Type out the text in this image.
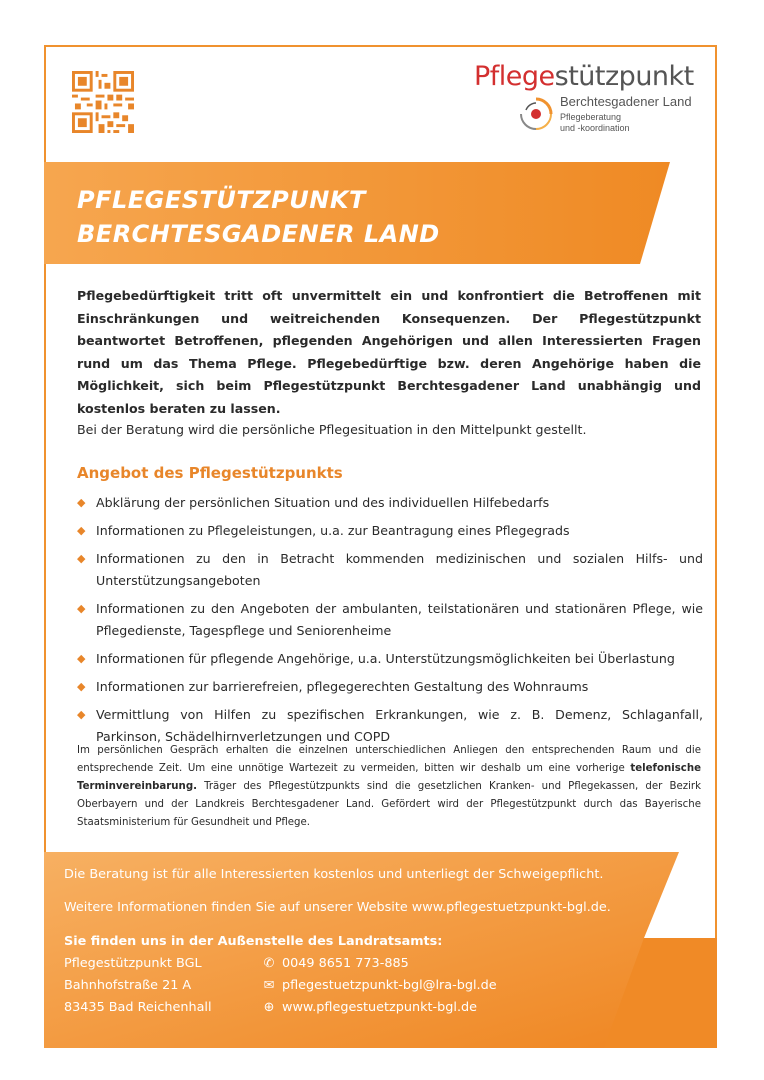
Pflegestützpunkt
Berchtesgadener Land
Pflegeberatung
und -koordination
PFLEGESTÜTZPUNKT
BERCHTESGADENER LAND
Pflegebedürftigkeit tritt oft unvermittelt ein und konfrontiert die Betroffenen mit Einschränkungen und weitreichenden Konsequenzen. Der Pflegestützpunkt beantwortet Betroffenen, pflegenden Angehörigen und allen Interessierten Fragen rund um das Thema Pflege. Pflegebedürftige bzw. deren Angehörige haben die Möglichkeit, sich beim Pflegestützpunkt Berchtesgadener Land unabhängig und kostenlos beraten zu lassen.
Bei der Beratung wird die persönliche Pflegesituation in den Mittelpunkt gestellt.
Angebot des Pflegestützpunkts
◆ Abklärung der persönlichen Situation und des individuellen Hilfebedarfs
◆ Informationen zu Pflegeleistungen, u.a. zur Beantragung eines Pflegegrads
◆ Informationen zu den in Betracht kommenden medizinischen und sozialen Hilfs- und Unterstützungsangeboten
◆ Informationen zu den Angeboten der ambulanten, teilstationären und stationären Pflege, wie Pflegedienste, Tagespflege und Seniorenheime
◆ Informationen für pflegende Angehörige, u.a. Unterstützungsmöglichkeiten bei Überlastung
◆ Informationen zur barrierefreien, pflegegerechten Gestaltung des Wohnraums
◆ Vermittlung von Hilfen zu spezifischen Erkrankungen, wie z. B. Demenz, Schlaganfall, Parkinson, Schädelhirnverletzungen und COPD
Im persönlichen Gespräch erhalten die einzelnen unterschiedlichen Anliegen den entsprechenden Raum und die entsprechende Zeit. Um eine unnötige Wartezeit zu vermeiden, bitten wir deshalb um eine vorherige telefonische Terminvereinbarung. Träger des Pflegestützpunkts sind die gesetzlichen Kranken- und Pflegekassen, der Bezirk Oberbayern und der Landkreis Berchtesgadener Land. Gefördert wird der Pflegestützpunkt durch das Bayerische Staatsministerium für Gesundheit und Pflege.
Die Beratung ist für alle Interessierten kostenlos und unterliegt der Schweigepflicht.
Weitere Informationen finden Sie auf unserer Website www.pflegestuetzpunkt-bgl.de.
Sie finden uns in der Außenstelle des Landratsamts:
Pflegestützpunkt BGL
Bahnhofstraße 21 A
83435 Bad Reichenhall
✆ 0049 8651 773-885
✉ pflegestuetzpunkt-bgl@lra-bgl.de
⊕ www.pflegestuetzpunkt-bgl.de
